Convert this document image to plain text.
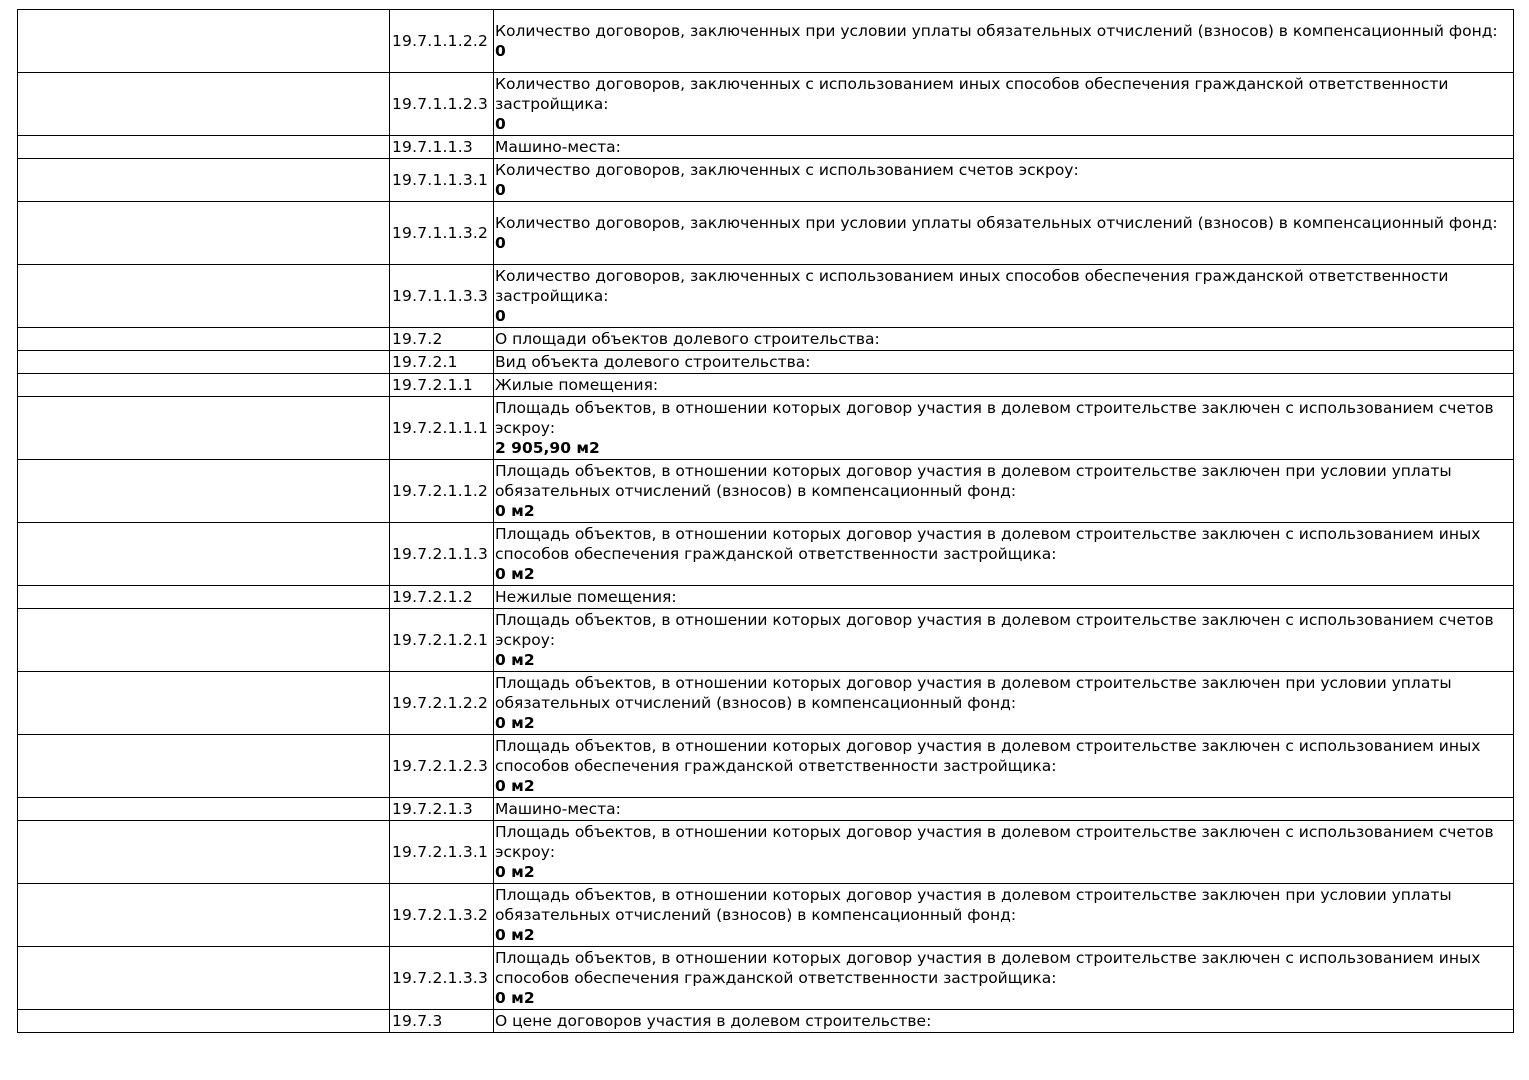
	19.7.1.1.2.2	Количество договоров, заключенных при условии уплаты обязательных отчислений (взносов) в компенсационный фонд:
0

	19.7.1.1.2.3	Количество договоров, заключенных с использованием иных способов обеспечения гражданской ответственности застройщика:
0

	19.7.1.1.3	Машино-места:

	19.7.1.1.3.1	Количество договоров, заключенных с использованием счетов эскроу:
0

	19.7.1.1.3.2	Количество договоров, заключенных при условии уплаты обязательных отчислений (взносов) в компенсационный фонд:
0

	19.7.1.1.3.3	Количество договоров, заключенных с использованием иных способов обеспечения гражданской ответственности застройщика:
0

	19.7.2	О площади объектов долевого строительства:

	19.7.2.1	Вид объекта долевого строительства:

	19.7.2.1.1	Жилые помещения:

	19.7.2.1.1.1	Площадь объектов, в отношении которых договор участия в долевом строительстве заключен с использованием счетов эскроу:
2 905,90 м2

	19.7.2.1.1.2	Площадь объектов, в отношении которых договор участия в долевом строительстве заключен при условии уплаты обязательных отчислений (взносов) в компенсационный фонд:
0 м2

	19.7.2.1.1.3	Площадь объектов, в отношении которых договор участия в долевом строительстве заключен с использованием иных способов обеспечения гражданской ответственности застройщика:
0 м2

	19.7.2.1.2	Нежилые помещения:

	19.7.2.1.2.1	Площадь объектов, в отношении которых договор участия в долевом строительстве заключен с использованием счетов эскроу:
0 м2

	19.7.2.1.2.2	Площадь объектов, в отношении которых договор участия в долевом строительстве заключен при условии уплаты обязательных отчислений (взносов) в компенсационный фонд:
0 м2

	19.7.2.1.2.3	Площадь объектов, в отношении которых договор участия в долевом строительстве заключен с использованием иных способов обеспечения гражданской ответственности застройщика:
0 м2

	19.7.2.1.3	Машино-места:

	19.7.2.1.3.1	Площадь объектов, в отношении которых договор участия в долевом строительстве заключен с использованием счетов эскроу:
0 м2

	19.7.2.1.3.2	Площадь объектов, в отношении которых договор участия в долевом строительстве заключен при условии уплаты обязательных отчислений (взносов) в компенсационный фонд:
0 м2

	19.7.2.1.3.3	Площадь объектов, в отношении которых договор участия в долевом строительстве заключен с использованием иных способов обеспечения гражданской ответственности застройщика:
0 м2

	19.7.3	О цене договоров участия в долевом строительстве:
